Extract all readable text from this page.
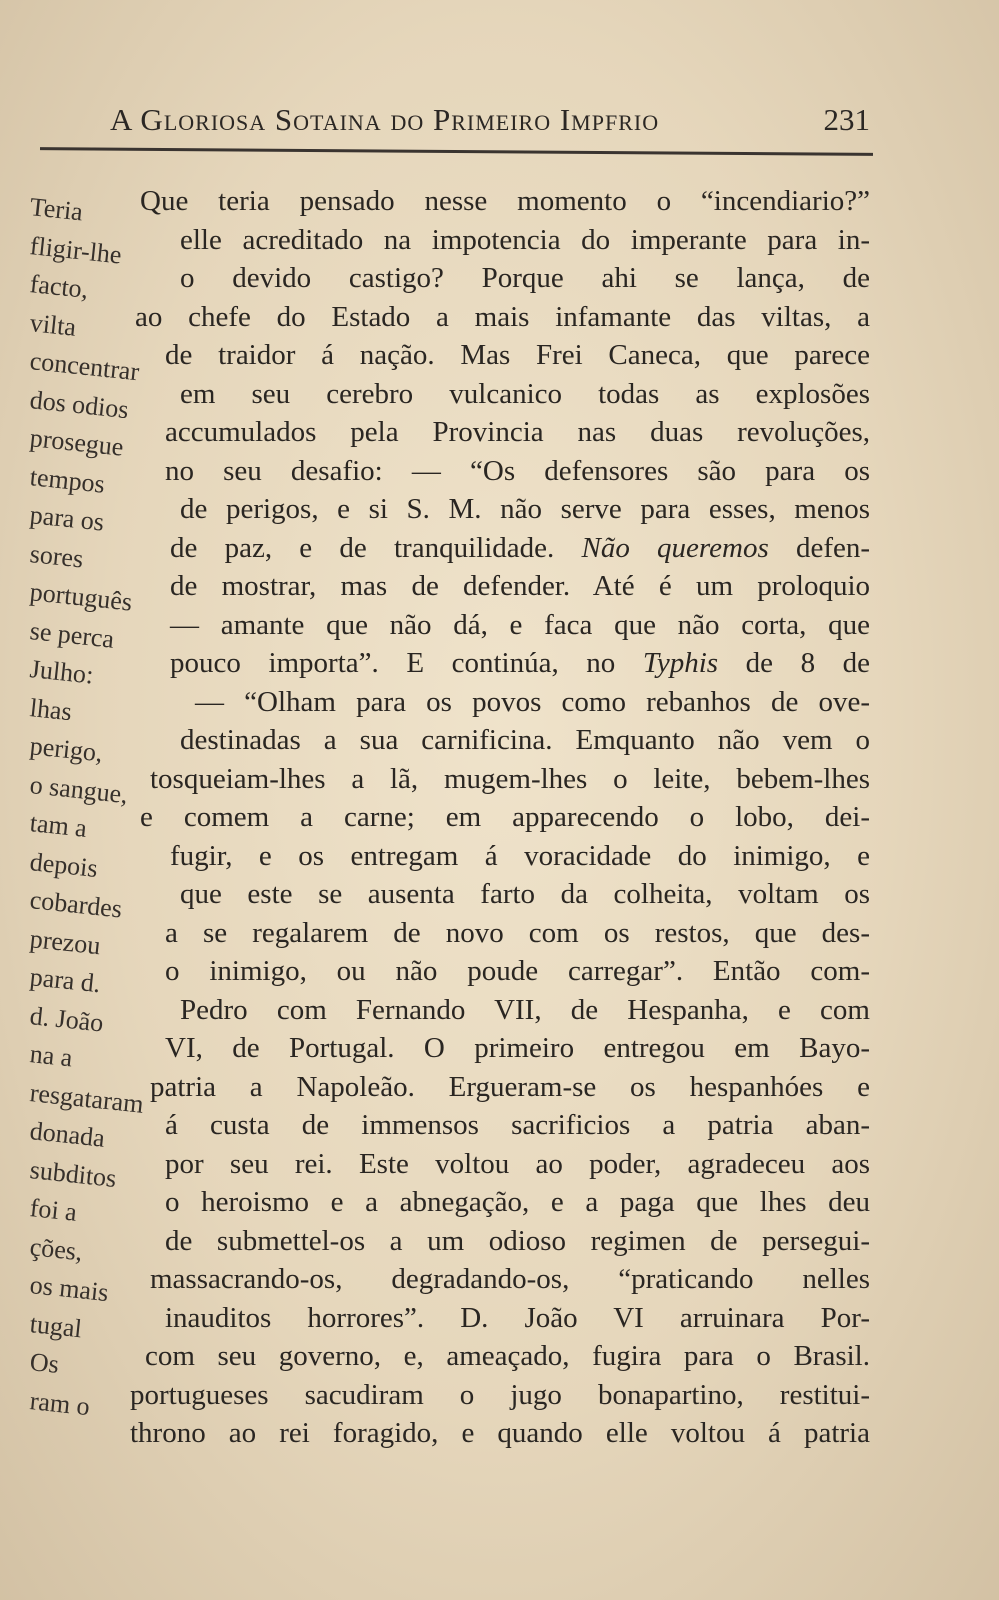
A Gloriosa Sotaina do Primeiro Impfrio	231
Teria Que teria pensado nesse momento o “incendiario?”
fligir-lhe elle acreditado na impotencia do imperante para in-
facto,	o devido castigo? Porque ahi se lança, de
vilta ao chefe do Estado a mais infamante das viltas, a
concentrar de traidor á nação. Mas Frei Caneca, que parece
dos odios em seu cerebro vulcanico todas as explosões
prosegue accumulados pela Provincia nas duas revoluções,
tempos no seu desafio: — “Os defensores são para os
para os	de perigos, e si S. M. não serve para esses, menos
sores	de paz, e de tranquilidade. Não queremos defen-
português de mostrar, mas de defender. Até é um proloquio
se perca — amante que não dá, e faca que não corta, que
Julho:	pouco importa”. E continúa, no Typhis de 8 de
lhas	— “Olham para os povos como rebanhos de ove-
perigo,	destinadas a sua carnificina. Emquanto não vem o
o sangue, tosqueiam-lhes a lã, mugem-lhes o leite, bebem-lhes
tam a e comem a carne; em apparecendo o lobo, dei-
depois fugir, e os entregam á voracidade do inimigo, e
cobardes que este se ausenta farto da colheita, voltam os
prezou a se regalarem de novo com os restos, que des-
para d. o inimigo, ou não poude carregar”. Então com-
d. João	Pedro com Fernando VII, de Hespanha, e com
na a	VI, de Portugal. O primeiro entregou em Bayo-
resgataram patria a Napoleão. Ergueram-se os hespanhóes e
donada á custa de immensos sacrificios a patria aban-
subditos por seu rei. Este voltou ao poder, agradeceu aos
foi a	o heroismo e a abnegação, e a paga que lhes deu
ções,	de submettel-os a um odioso regimen de persegui-
os mais massacrando-os, degradando-os, “praticando nelles
tugal	inauditos horrores”. D. João VI arruinara Por-
Os	com seu governo, e, ameaçado, fugira para o Brasil.
ram o portugueses sacudiram o jugo bonapartino, restitui-
throno ao rei foragido, e quando elle voltou á patria
